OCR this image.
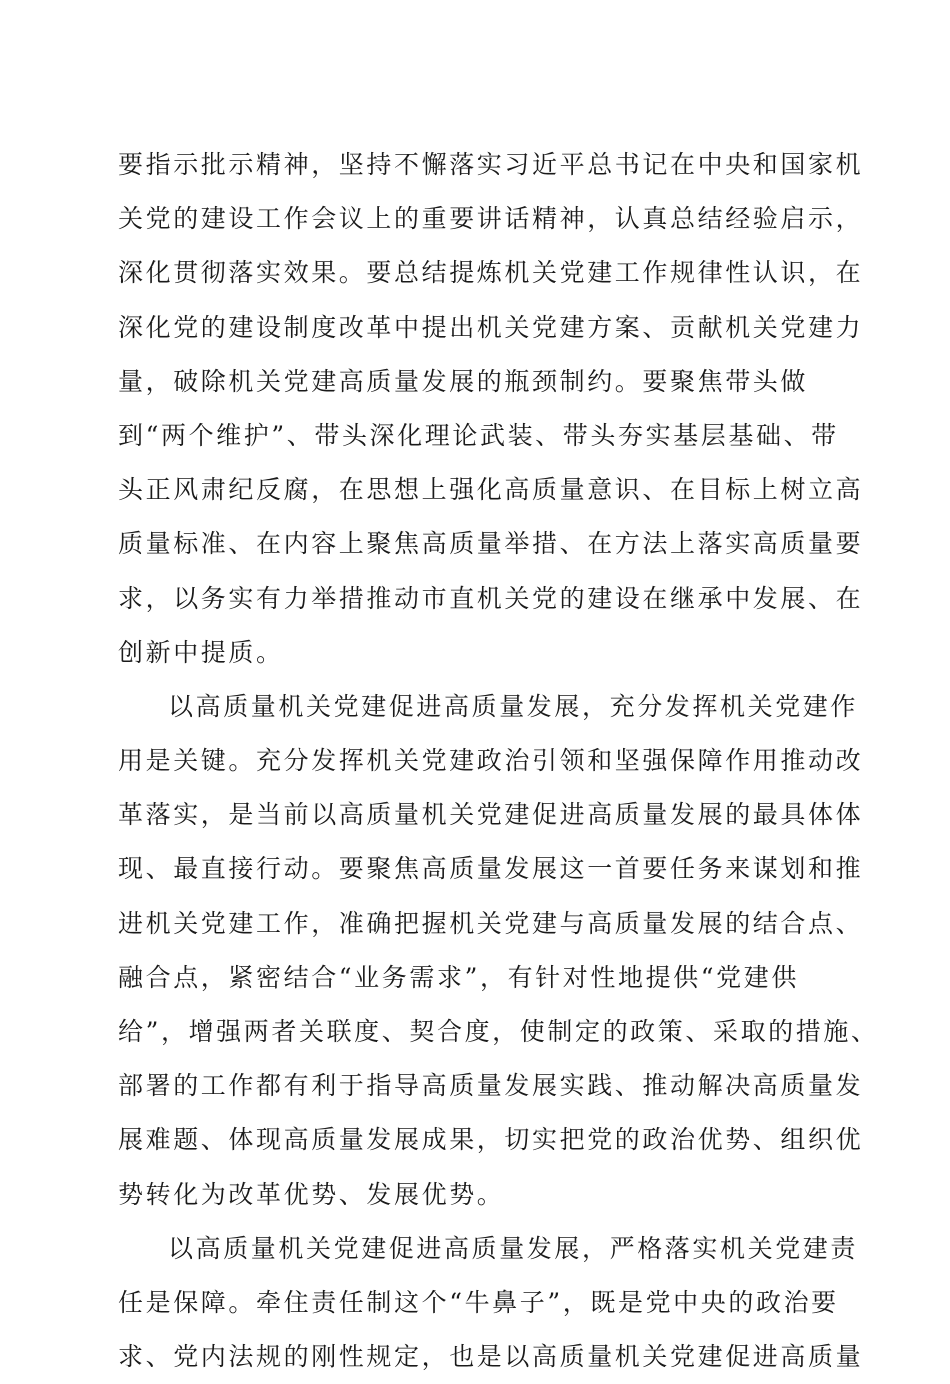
要指示批示精神，坚持不懈落实习近平总书记在中央和国家机
关党的建设工作会议上的重要讲话精神，认真总结经验启示，
深化贯彻落实效果。要总结提炼机关党建工作规律性认识，在
深化党的建设制度改革中提出机关党建方案、贡献机关党建力
量，破除机关党建高质量发展的瓶颈制约。要聚焦带头做
到“两个维护”、带头深化理论武装、带头夯实基层基础、带
头正风肃纪反腐，在思想上强化高质量意识、在目标上树立高
质量标准、在内容上聚焦高质量举措、在方法上落实高质量要
求，以务实有力举措推动市直机关党的建设在继承中发展、在
创新中提质。
以高质量机关党建促进高质量发展，充分发挥机关党建作
用是关键。充分发挥机关党建政治引领和坚强保障作用推动改
革落实，是当前以高质量机关党建促进高质量发展的最具体体
现、最直接行动。要聚焦高质量发展这一首要任务来谋划和推
进机关党建工作，准确把握机关党建与高质量发展的结合点、
融合点，紧密结合“业务需求”，有针对性地提供“党建供
给”，增强两者关联度、契合度，使制定的政策、采取的措施、
部署的工作都有利于指导高质量发展实践、推动解决高质量发
展难题、体现高质量发展成果，切实把党的政治优势、组织优
势转化为改革优势、发展优势。
以高质量机关党建促进高质量发展，严格落实机关党建责
任是保障。牵住责任制这个“牛鼻子”，既是党中央的政治要
求、党内法规的刚性规定，也是以高质量机关党建促进高质量
